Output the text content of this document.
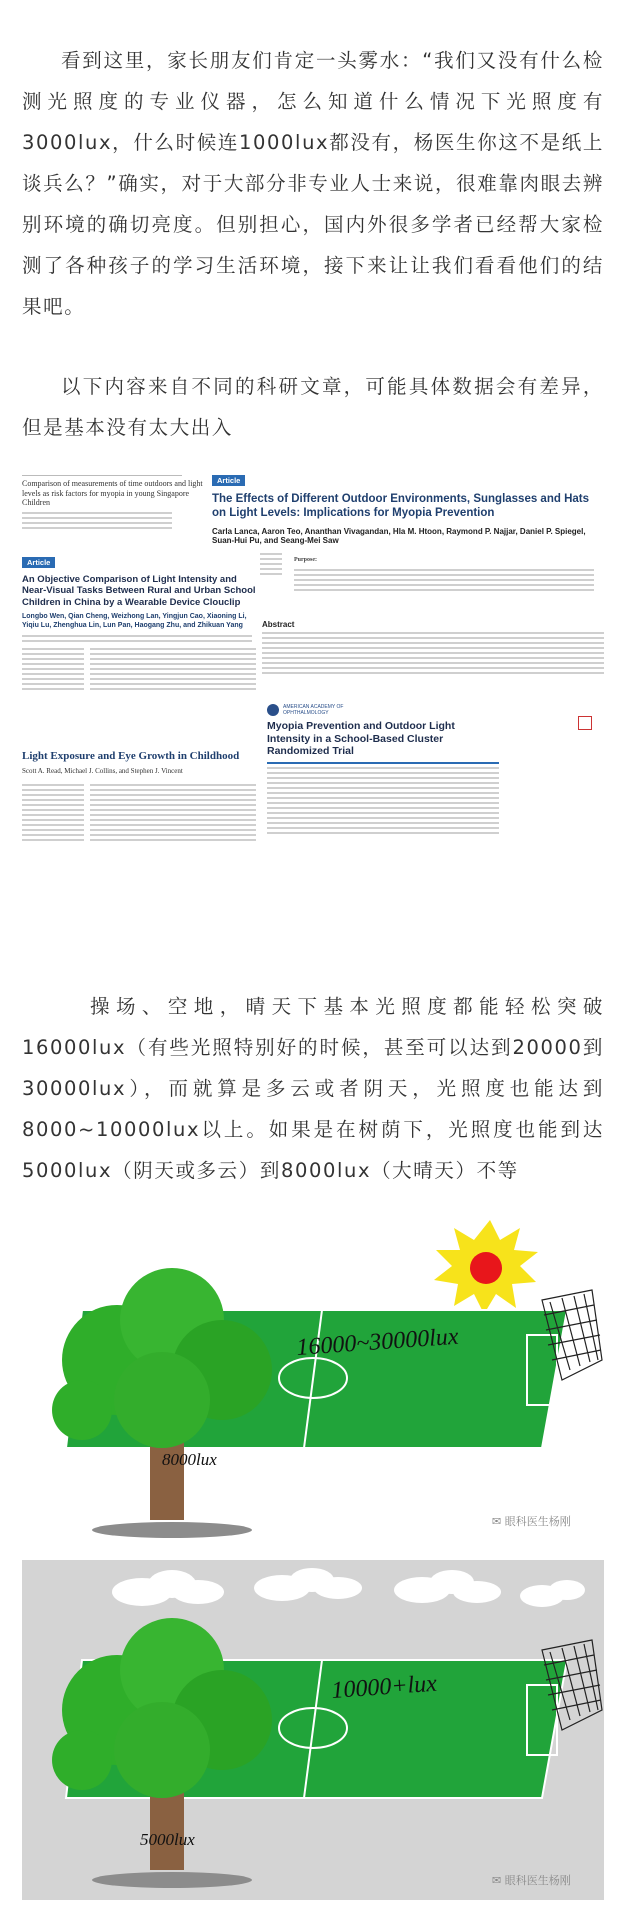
看到这里，家长朋友们肯定一头雾水：“我们又没有什么检测光照度的专业仪器，怎么知道什么情况下光照度有3000lux，什么时候连1000lux都没有，杨医生你这不是纸上谈兵么？”确实，对于大部分非专业人士来说，很难靠肉眼去辨别环境的确切亮度。但别担心，国内外很多学者已经帮大家检测了各种孩子的学习生活环境，接下来让让我们看看他们的结果吧。

以下内容来自不同的科研文章，可能具体数据会有差异，但是基本没有太大出入

Comparison of measurements of time outdoors and light levels as risk factors for myopia in young Singapore Children
Article
The Effects of Different Outdoor Environments, Sunglasses and Hats on Light Levels: Implications for Myopia Prevention
Carla Lanca, Aaron Teo, Ananthan Vivagandan, Hla M. Htoon, Raymond P. Najjar, Daniel P. Spiegel, Suan-Hui Pu, and Seang-Mei Saw
Purpose:
Article
An Objective Comparison of Light Intensity and Near-Visual Tasks Between Rural and Urban School Children in China by a Wearable Device Clouclip
Longbo Wen, Qian Cheng, Weizhong Lan, Yingjun Cao, Xiaoning Li, Yiqiu Lu, Zhenghua Lin, Lun Pan, Haogang Zhu, and Zhikuan Yang	Abstract
Light Exposure and Eye Growth in Childhood
Scott A. Read, Michael J. Collins, and Stephen J. Vincent
AMERICAN ACADEMY OF OPHTHALMOLOGY
Myopia Prevention and Outdoor Light Intensity in a School-Based Cluster Randomized Trial

操场、空地，晴天下基本光照度都能轻松突破16000lux（有些光照特别好的时候，甚至可以达到20000到30000lux），而就算是多云或者阴天，光照度也能达到8000~10000lux以上。如果是在树荫下，光照度也能到达5000lux（阴天或多云）到8000lux（大晴天）不等

16000~30000lux
8000lux
✉ 眼科医生杨刚
10000+lux
5000lux
✉ 眼科医生杨刚
